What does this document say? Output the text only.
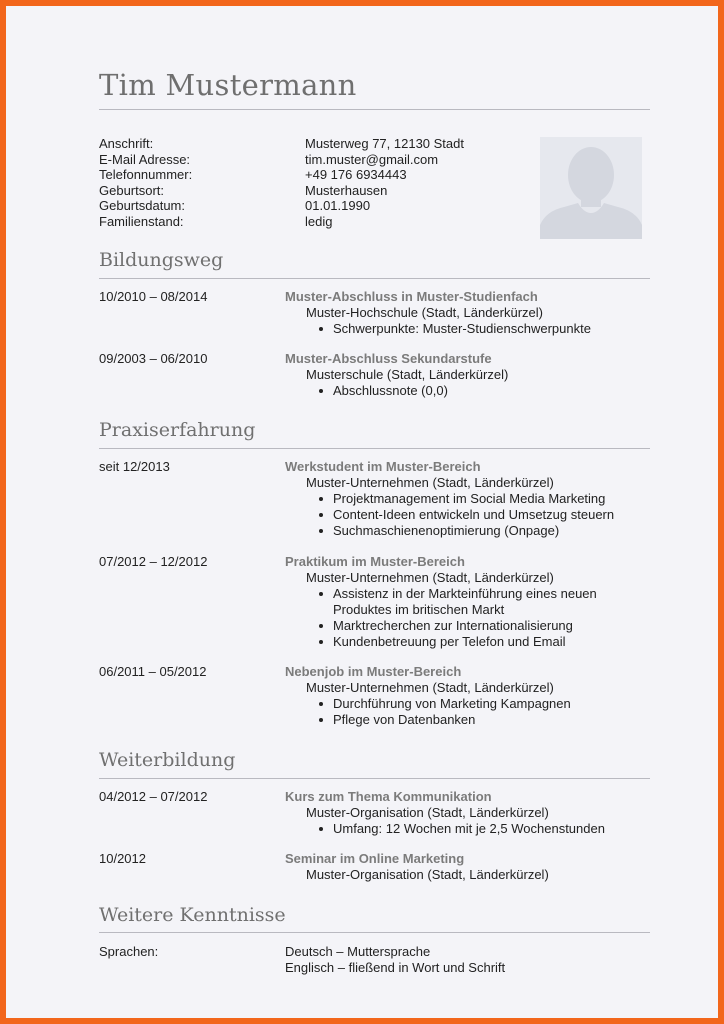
Tim Mustermann
Anschrift:	Musterweg 77, 12130 Stadt
E-Mail Adresse:	tim.muster@gmail.com
Telefonnummer:	+49 176 6934443
Geburtsort:	Musterhausen
Geburtsdatum:	01.01.1990
Familienstand:	ledig
Bildungsweg
10/2010 – 08/2014	Muster-Abschluss in Muster-Studienfach
Muster-Hochschule (Stadt, Länderkürzel)
Schwerpunkte: Muster-Studienschwerpunkte
09/2003 – 06/2010	Muster-Abschluss Sekundarstufe
Musterschule (Stadt, Länderkürzel)
Abschlussnote (0,0)
Praxiserfahrung
seit 12/2013	Werkstudent im Muster-Bereich
Muster-Unternehmen (Stadt, Länderkürzel)
Projektmanagement im Social Media Marketing
Content-Ideen entwickeln und Umsetzug steuern
Suchmaschienenoptimierung (Onpage)
07/2012 – 12/2012	Praktikum im Muster-Bereich
Muster-Unternehmen (Stadt, Länderkürzel)
Assistenz in der Markteinführung eines neuen
Produktes im britischen Markt
Marktrecherchen zur Internationalisierung
Kundenbetreuung per Telefon und Email
06/2011 – 05/2012	Nebenjob im Muster-Bereich
Muster-Unternehmen (Stadt, Länderkürzel)
Durchführung von Marketing Kampagnen
Pflege von Datenbanken
Weiterbildung
04/2012 – 07/2012	Kurs zum Thema Kommunikation
Muster-Organisation (Stadt, Länderkürzel)
Umfang: 12 Wochen mit je 2,5 Wochenstunden
10/2012	Seminar im Online Marketing
Muster-Organisation (Stadt, Länderkürzel)
Weitere Kenntnisse
Sprachen:	Deutsch – Muttersprache
Englisch – fließend in Wort und Schrift
